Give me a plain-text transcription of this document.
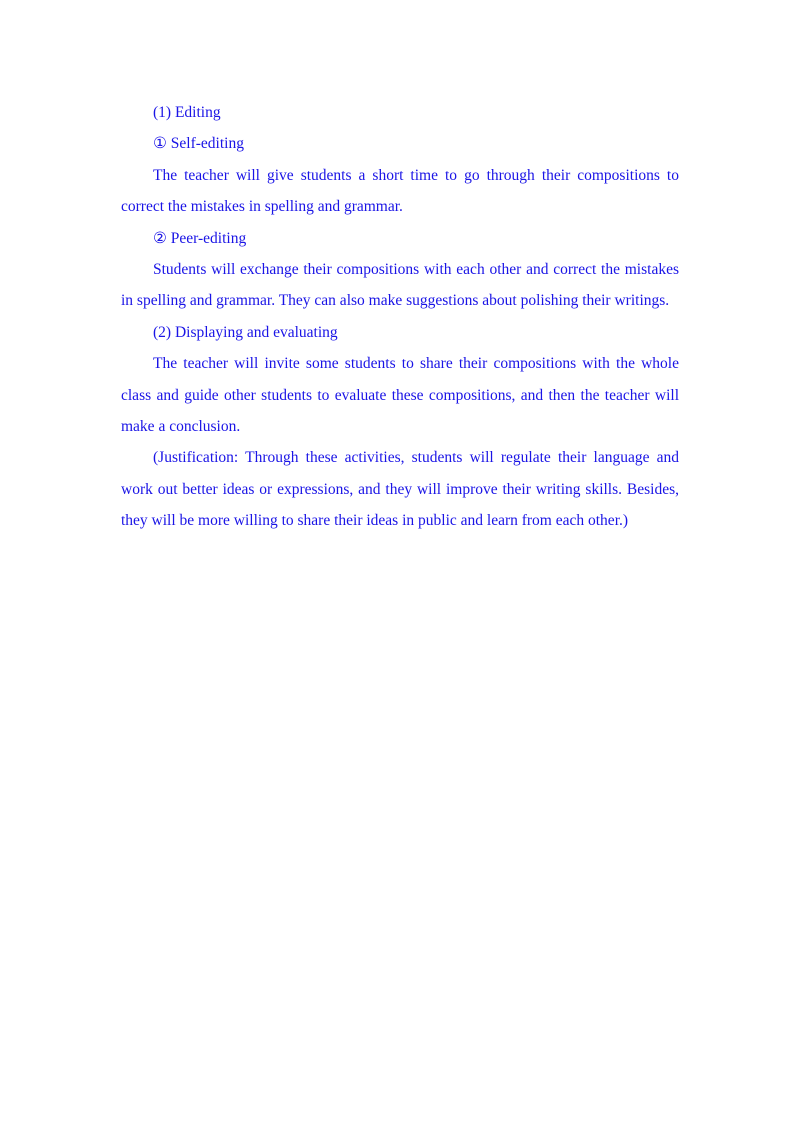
(1) Editing

① Self-editing

The teacher will give students a short time to go through their compositions to correct the mistakes in spelling and grammar.

② Peer-editing

Students will exchange their compositions with each other and correct the mistakes in spelling and grammar. They can also make suggestions about polishing their writings.

(2) Displaying and evaluating

The teacher will invite some students to share their compositions with the whole class and guide other students to evaluate these compositions, and then the teacher will make a conclusion.

(Justification: Through these activities, students will regulate their language and work out better ideas or expressions, and they will improve their writing skills. Besides, they will be more willing to share their ideas in public and learn from each other.)
